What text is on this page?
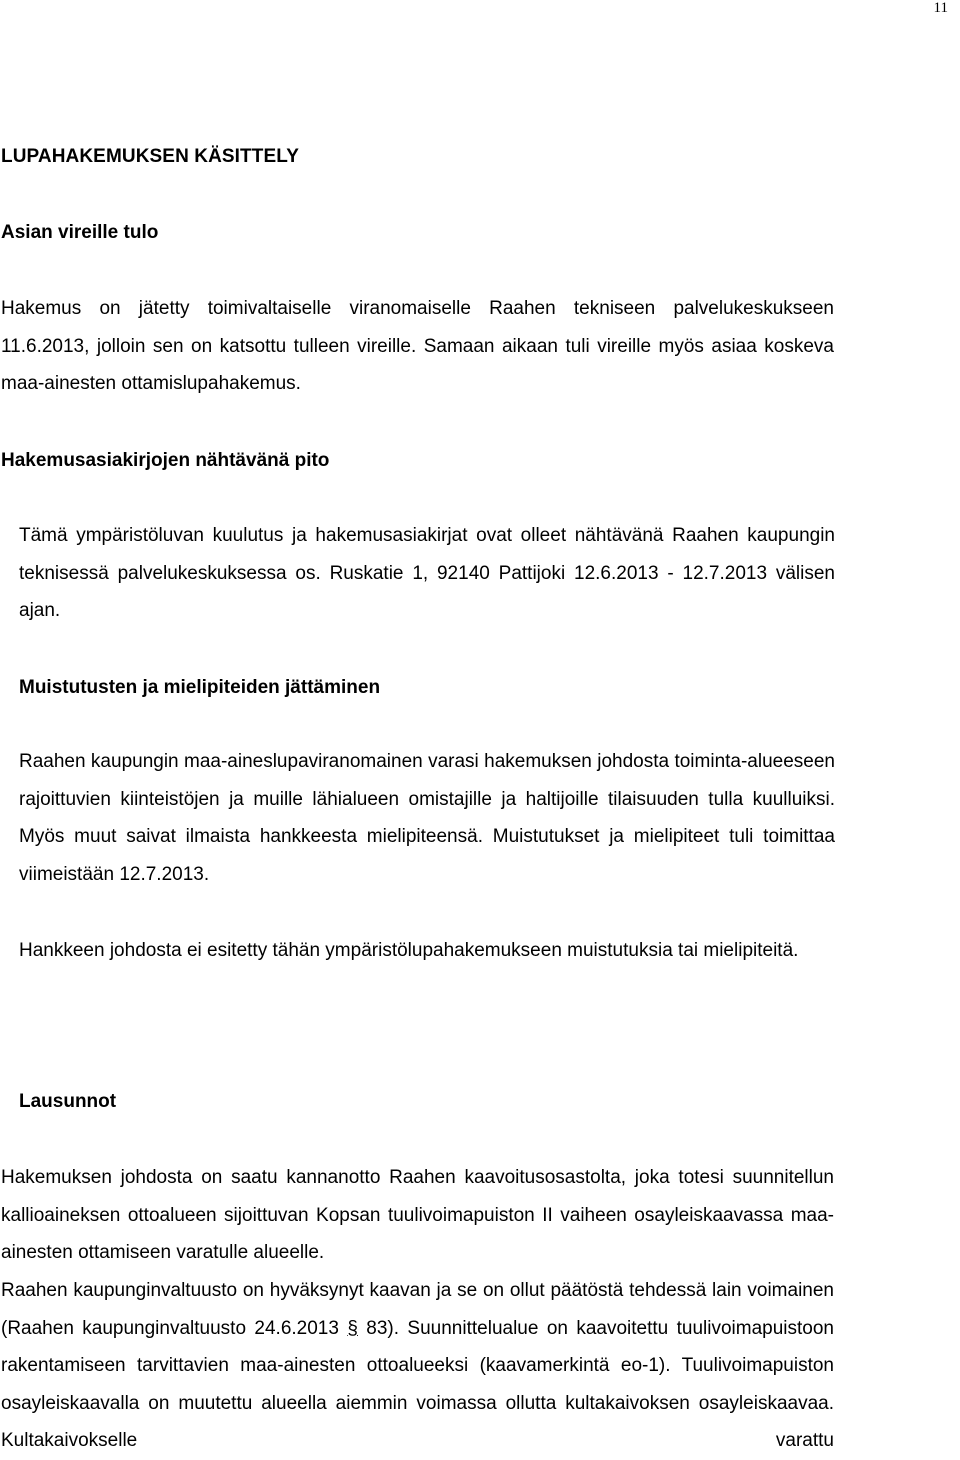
11
LUPAHAKEMUKSEN KÄSITTELY
Asian vireille tulo

Hakemus on jätetty toimivaltaiselle viranomaiselle Raahen tekniseen palvelukeskukseen 11.6.2013, jolloin sen on katsottu tulleen vireille. Samaan aikaan tuli vireille myös asiaa koskeva maa-ainesten ottamislupahakemus.

Hakemusasiakirjojen nähtävänä pito

Tämä ympäristöluvan kuulutus ja hakemusasiakirjat ovat olleet nähtävänä Raahen kaupungin teknisessä palvelukeskuksessa os. Ruskatie 1, 92140 Pattijoki 12.6.2013 - 12.7.2013 välisen ajan.

Muistutusten ja mielipiteiden jättäminen

Raahen kaupungin maa-aineslupaviranomainen varasi hakemuksen johdosta toiminta-alueeseen rajoittuvien kiinteistöjen ja muille lähialueen omistajille ja haltijoille tilaisuuden tulla kuulluiksi. Myös muut saivat ilmaista hankkeesta mielipiteensä. Muistutukset ja mielipiteet tuli toimittaa viimeistään 12.7.2013.

Hankkeen johdosta ei esitetty tähän ympäristölupahakemukseen muistutuksia tai mielipiteitä.

Lausunnot

Hakemuksen johdosta on saatu kannanotto Raahen kaavoitusosastolta, joka totesi suunnitellun kallioaineksen ottoalueen sijoittuvan Kopsan tuulivoimapuiston II vaiheen osayleiskaavassa maa-ainesten ottamiseen varatulle alueelle.

Raahen kaupunginvaltuusto on hyväksynyt kaavan ja se on ollut päätöstä tehdessä lain voimainen (Raahen kaupunginvaltuusto 24.6.2013 § 83). Suunnittelualue on kaavoitettu tuulivoimapuistoon rakentamiseen tarvittavien maa-ainesten ottoalueeksi (kaavamerkintä eo-1). Tuulivoimapuiston osayleiskaavalla on muutettu alueella aiemmin voimassa ollutta kultakaivoksen osayleiskaavaa. Kultakaivokselle varattu
